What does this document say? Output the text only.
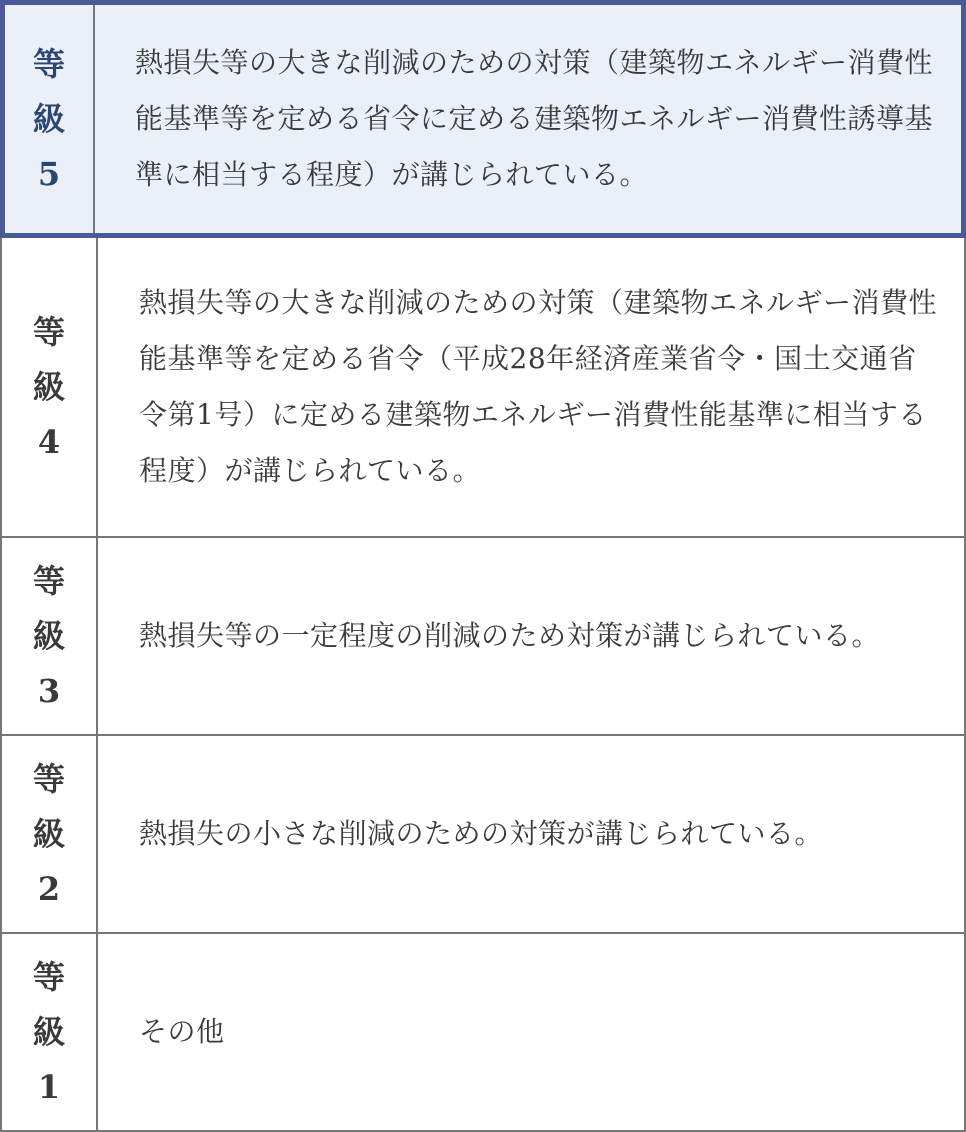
等
級
5
熱損失等の大きな削減のための対策（建築物エネルギー消費性能基準等を定める省令に定める建築物エネルギー消費性誘導基準に相当する程度）が講じられている。
等
級
4
熱損失等の大きな削減のための対策（建築物エネルギー消費性能基準等を定める省令（平成28年経済産業省令・国土交通省令第1号）に定める建築物エネルギー消費性能基準に相当する程度）が講じられている。
等
級
3
熱損失等の一定程度の削減のため対策が講じられている。
等
級
2
熱損失の小さな削減のための対策が講じられている。
等
級
1
その他
